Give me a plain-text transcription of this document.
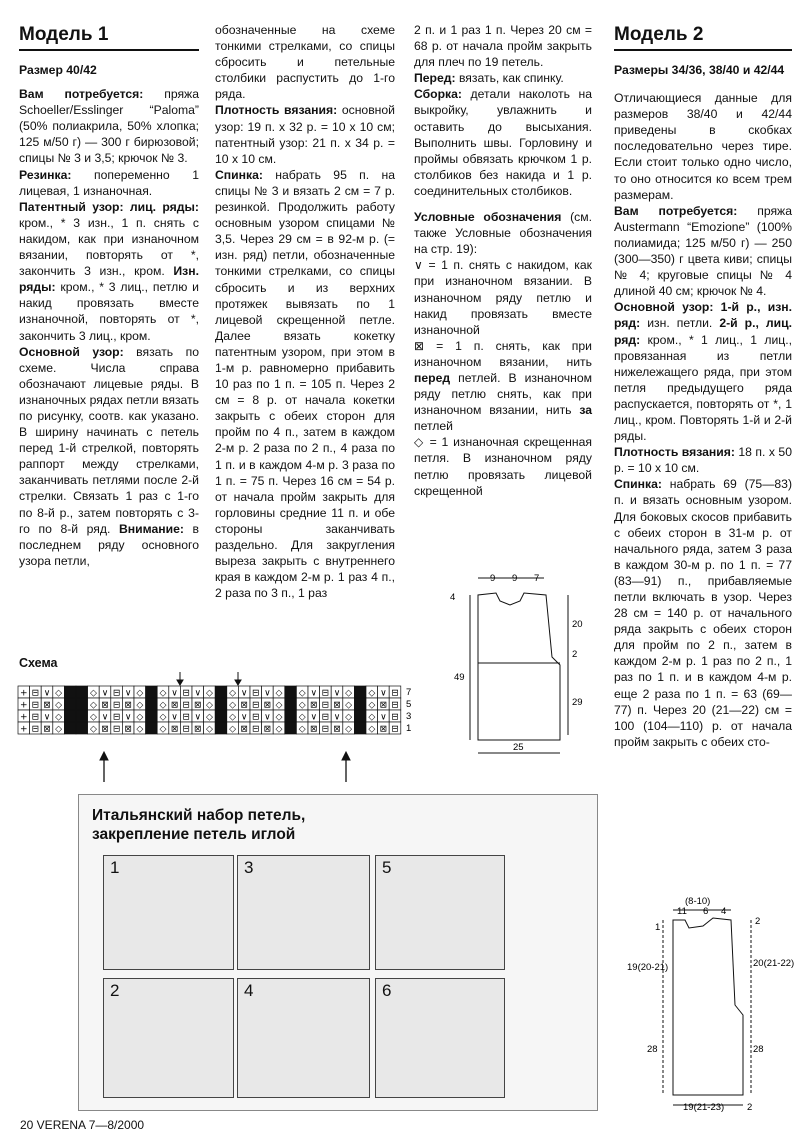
Модель 1

Размер 40/42

Вам потребуется: пряжа Schoeller/Esslinger “Paloma” (50% полиакрила, 50% хлопка; 125 м/50 г) — 300 г бирюзовой; спицы № 3 и 3,5; крючок № 3.

Резинка: попеременно 1 лицевая, 1 изнаночная.

Патентный узор: лиц. ряды: кром., * 3 изн., 1 п. снять с накидом, как при изнаночном вязании, повторять от *, закончить 3 изн., кром. Изн. ряды: кром., * 3 лиц., петлю и накид провязать вместе изнаночной, повторять от *, закончить 3 лиц., кром.

Основной узор: вязать по схеме. Числа справа обозначают лицевые ряды. В изнаночных рядах петли вязать по рисунку, соотв. как указано. В ширину начинать с петель перед 1-й стрелкой, повторять раппорт между стрелками, заканчивать петлями после 2-й стрелки. Связать 1 раз с 1-го по 8-й р., затем повторять с 3-го по 8-й ряд. Внимание: в последнем ряду основного узора петли,

обозначенные на схеме тонкими стрелками, со спицы сбросить и петельные столбики распустить до 1-го ряда.

Плотность вязания: основной узор: 19 п. x 32 р. = 10 x 10 см; патентный узор: 21 п. x 34 р. = 10 x 10 см.

Спинка: набрать 95 п. на спицы № 3 и вязать 2 см = 7 р. резинкой. Продолжить работу основным узором спицами № 3,5. Через 29 см = в 92-м р. (= изн. ряд) петли, обозначенные тонкими стрелками, со спицы сбросить и из верхних протяжек вывязать по 1 лицевой скрещенной петле. Далее вязать кокетку патентным узором, при этом в 1-м р. равномерно прибавить 10 раз по 1 п. = 105 п. Через 2 см = 8 р. от начала кокетки закрыть с обеих сторон для пройм по 4 п., затем в каждом 2-м р. 2 раза по 2 п., 4 раза по 1 п. и в каждом 4-м р. 3 раза по 1 п. = 75 п. Через 16 см = 54 р. от начала пройм закрыть для горловины средние 11 п. и обе стороны заканчивать раздельно. Для закругления выреза закрыть с внутреннего края в каждом 2-м р. 1 раз 4 п., 2 раза по 3 п., 1 раз

2 п. и 1 раз 1 п. Через 20 см = 68 р. от начала пройм закрыть для плеч по 19 петель.

Перед: вязать, как спинку.

Сборка: детали наколоть на выкройку, увлажнить и оставить до высыхания. Выполнить швы. Горловину и проймы обвязать крючком 1 р. столбиков без накида и 1 р. соединительных столбиков.

Условные обозначения (см. также Условные обозначения на стр. 19):

∨ = 1 п. снять с накидом, как при изнаночном вязании. В изнаночном ряду петлю и накид провязать вместе изнаночной

⊠ = 1 п. снять, как при изнаночном вязании, нить перед петлей. В изнаночном ряду петлю снять, как при изнаночном вязании, нить за петлей

◇ = 1 изнаночная скрещенная петля. В изнаночном ряду петлю провязать лицевой скрещенной

Модель 2

Размеры 34/36, 38/40 и 42/44

Отличающиеся данные для размеров 38/40 и 42/44 приведены в скобках последовательно через тире. Если стоит только одно число, то оно относится ко всем трем размерам.

Вам потребуется: пряжа Austermann “Emozione” (100% полиамида; 125 м/50 г) — 250 (300—350) г цвета киви; спицы № 4; круговые спицы № 4 длиной 40 см; крючок № 4.

Основной узор: 1-й р., изн. ряд: изн. петли. 2-й р., лиц. ряд: кром., * 1 лиц., 1 лиц., провязанная из петли нижележащего ряда, при этом петля предыдущего ряда распускается, повторять от *, 1 лиц., кром. Повторять 1-й и 2-й ряды.

Плотность вязания: 18 п. x 50 р. = 10 x 10 см.

Спинка: набрать 69 (75—83) п. и вязать основным узором. Для боковых скосов прибавить с обеих сторон в 31-м р. от начального ряда, затем 3 раза в каждом 30-м р. по 1 п. = 77 (83—91) п., прибавляемые петли включать в узор. Через 28 см = 140 р. от начального ряда закрыть с обеих сторон для пройм по 2 п., затем в каждом 2-м р. 1 раз по 2 п., 1 раз по 1 п. и в каждом 4-м р. еще 2 раза по 1 п. = 63 (69—77) п. Через 20 (21—22) см = 100 (104—110) р. от начала пройм закрыть с обеих сто-

Схема
+ ⊟ ∨ ◇	◇ ∨ ⊟ ∨ ◇ ◇ ∨ ⊟ ∨ ◇ ◇ ∨ ⊟ ∨ ◇ ◇ ∨ ⊟ ∨ ◇ ◇ ∨ ⊟
+ ⊟ ⊠ ◇	◇ ⊠ ⊟ ⊠ ◇ ◇ ⊠ ⊟ ⊠ ◇ ◇ ⊠ ⊟ ⊠ ◇ ◇ ⊠ ⊟ ⊠ ◇ ◇ ⊠ ⊟
+ ⊟ ∨ ◇	◇ ∨ ⊟ ∨ ◇ ◇ ∨ ⊟ ∨ ◇ ◇ ∨ ⊟ ∨ ◇ ◇ ∨ ⊟ ∨ ◇ ◇ ∨ ⊟
+ ⊟ ⊠ ◇	◇ ⊠ ⊟ ⊠ ◇ ◇ ⊠ ⊟ ⊠ ◇ ◇ ⊠ ⊟ ⊠ ◇ ◇ ⊠ ⊟ ⊠ ◇ ◇ ⊠ ⊟
7
5
3
1
9 9 7
4
49
20
2
29
25
Итальянский набор петель,
закрепление петель иглой
1
2
3
4
5
6
(8-10)
11 6 4
1
2
19(20-21)	20(21-22)
28	28
19(21-23) 2
20 VERENA 7—8/2000
